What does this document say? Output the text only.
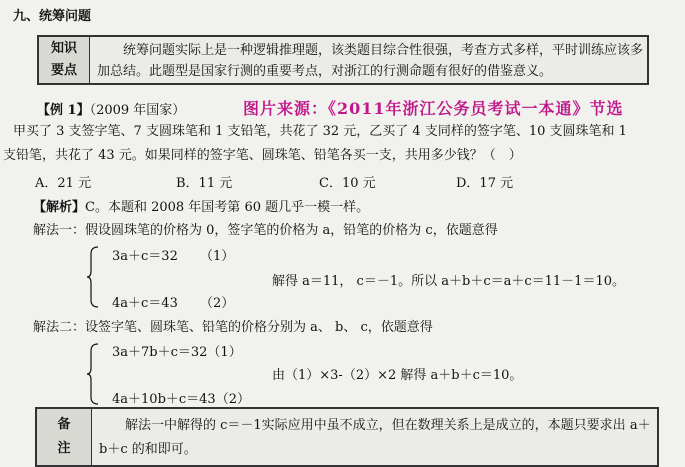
九、统筹问题
知识
要点
统筹问题实际上是一种逻辑推理题，该类题目综合性很强，考查方式多样，平时训练应该多加总结。此题型是国家行测的重要考点，对浙江的行测命题有很好的借鉴意义。
【例 1】（2009 年国家）	图片来源：《2011年浙江公务员考试一本通》节选
甲买了 3 支签字笔、7 支圆珠笔和 1 支铅笔，共花了 32 元，乙买了 4 支同样的签字笔、10 支圆珠笔和 1
支铅笔，共花了 43 元。如果同样的签字笔、圆珠笔、铅笔各买一支，共用多少钱？（　）
A．21 元	B．11 元	C．10 元	D．17 元
【解析】C。本题和 2008 年国考第 60 题几乎一模一样。
解法一：假设圆珠笔的价格为 0，签字笔的价格为 a，铅笔的价格为 c，依题意得
3a＋c＝32 （1）
4a＋c＝43 （2）
解得 a＝11， c＝－1。所以 a＋b＋c＝a＋c＝11－1＝10。
解法二：设签字笔、圆珠笔、铅笔的价格分别为 a、 b、 c，依题意得
3a＋7b＋c＝32（1）
4a＋10b＋c＝43（2）
由（1）×3-（2）×2 解得 a＋b＋c＝10。
备
注
解法一中解得的 c＝－1实际应用中虽不成立，但在数理关系上是成立的，本题只要求出 a＋b＋c 的和即可。
